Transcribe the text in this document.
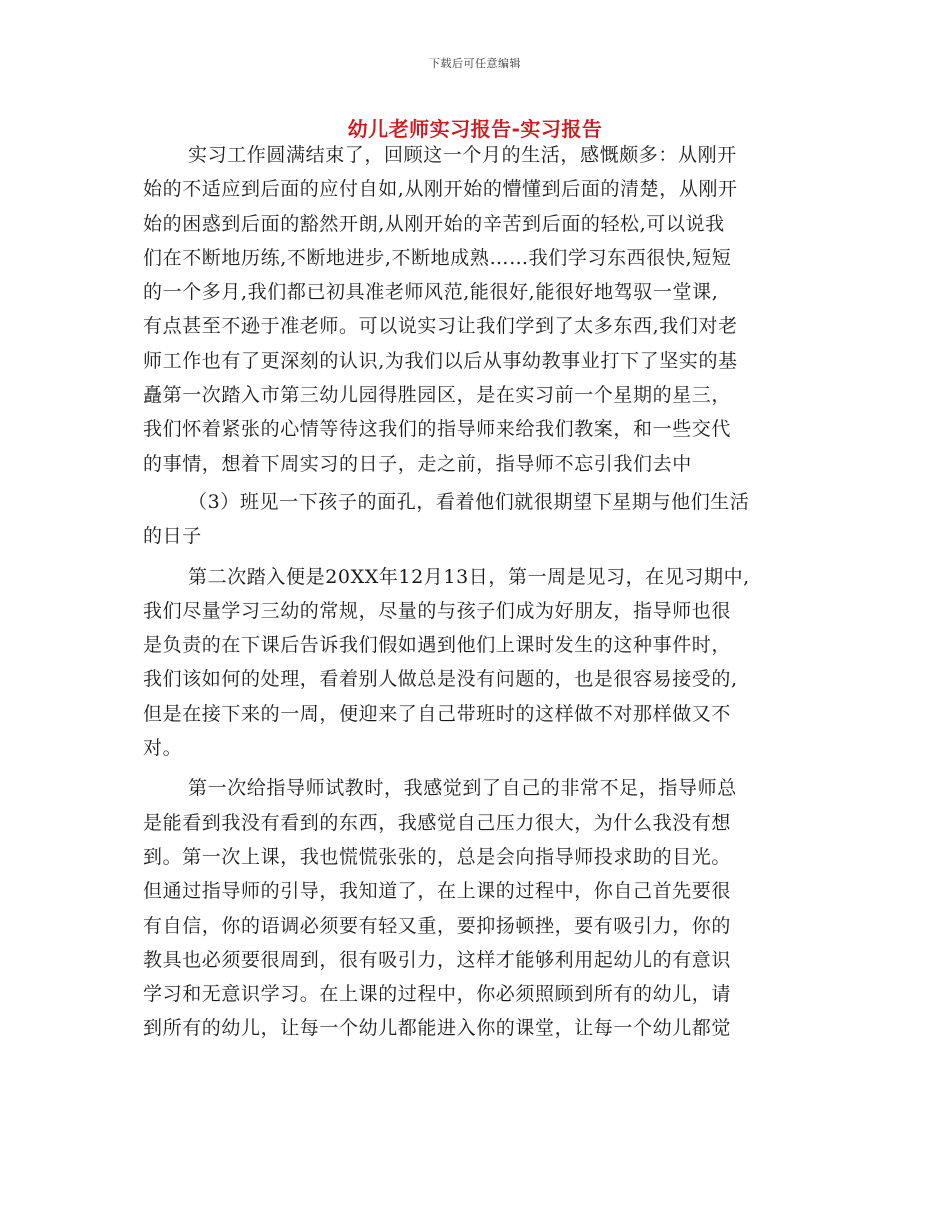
下载后可任意编辑
幼儿老师实习报告-实习报告
实习工作圆满结束了，回顾这一个月的生活，感慨颇多：从刚开
始的不适应到后面的应付自如,从刚开始的懵懂到后面的清楚，从刚开
始的困惑到后面的豁然开朗,从刚开始的辛苦到后面的轻松,可以说我
们在不断地历练,不断地进步,不断地成熟……我们学习东西很快,短短
的一个多月,我们都已初具准老师风范,能很好,能很好地驾驭一堂课,
有点甚至不逊于准老师。可以说实习让我们学到了太多东西,我们对老
师工作也有了更深刻的认识,为我们以后从事幼教事业打下了坚实的基
矗第一次踏入市第三幼儿园得胜园区，是在实习前一个星期的星三，
我们怀着紧张的心情等待这我们的指导师来给我们教案，和一些交代
的事情，想着下周实习的日子，走之前，指导师不忘引我们去中
（3）班见一下孩子的面孔，看着他们就很期望下星期与他们生活
的日子
第二次踏入便是20XX年12月13日，第一周是见习，在见习期中,
我们尽量学习三幼的常规，尽量的与孩子们成为好朋友，指导师也很
是负责的在下课后告诉我们假如遇到他们上课时发生的这种事件时，
我们该如何的处理，看着别人做总是没有问题的，也是很容易接受的,
但是在接下来的一周，便迎来了自己带班时的这样做不对那样做又不
对。
第一次给指导师试教时，我感觉到了自己的非常不足，指导师总
是能看到我没有看到的东西，我感觉自己压力很大，为什么我没有想
到。第一次上课，我也慌慌张张的，总是会向指导师投求助的目光。
但通过指导师的引导，我知道了，在上课的过程中，你自己首先要很
有自信，你的语调必须要有轻又重，要抑扬顿挫，要有吸引力，你的
教具也必须要很周到，很有吸引力，这样才能够利用起幼儿的有意识
学习和无意识学习。在上课的过程中，你必须照顾到所有的幼儿，请
到所有的幼儿，让每一个幼儿都能进入你的课堂，让每一个幼儿都觉
